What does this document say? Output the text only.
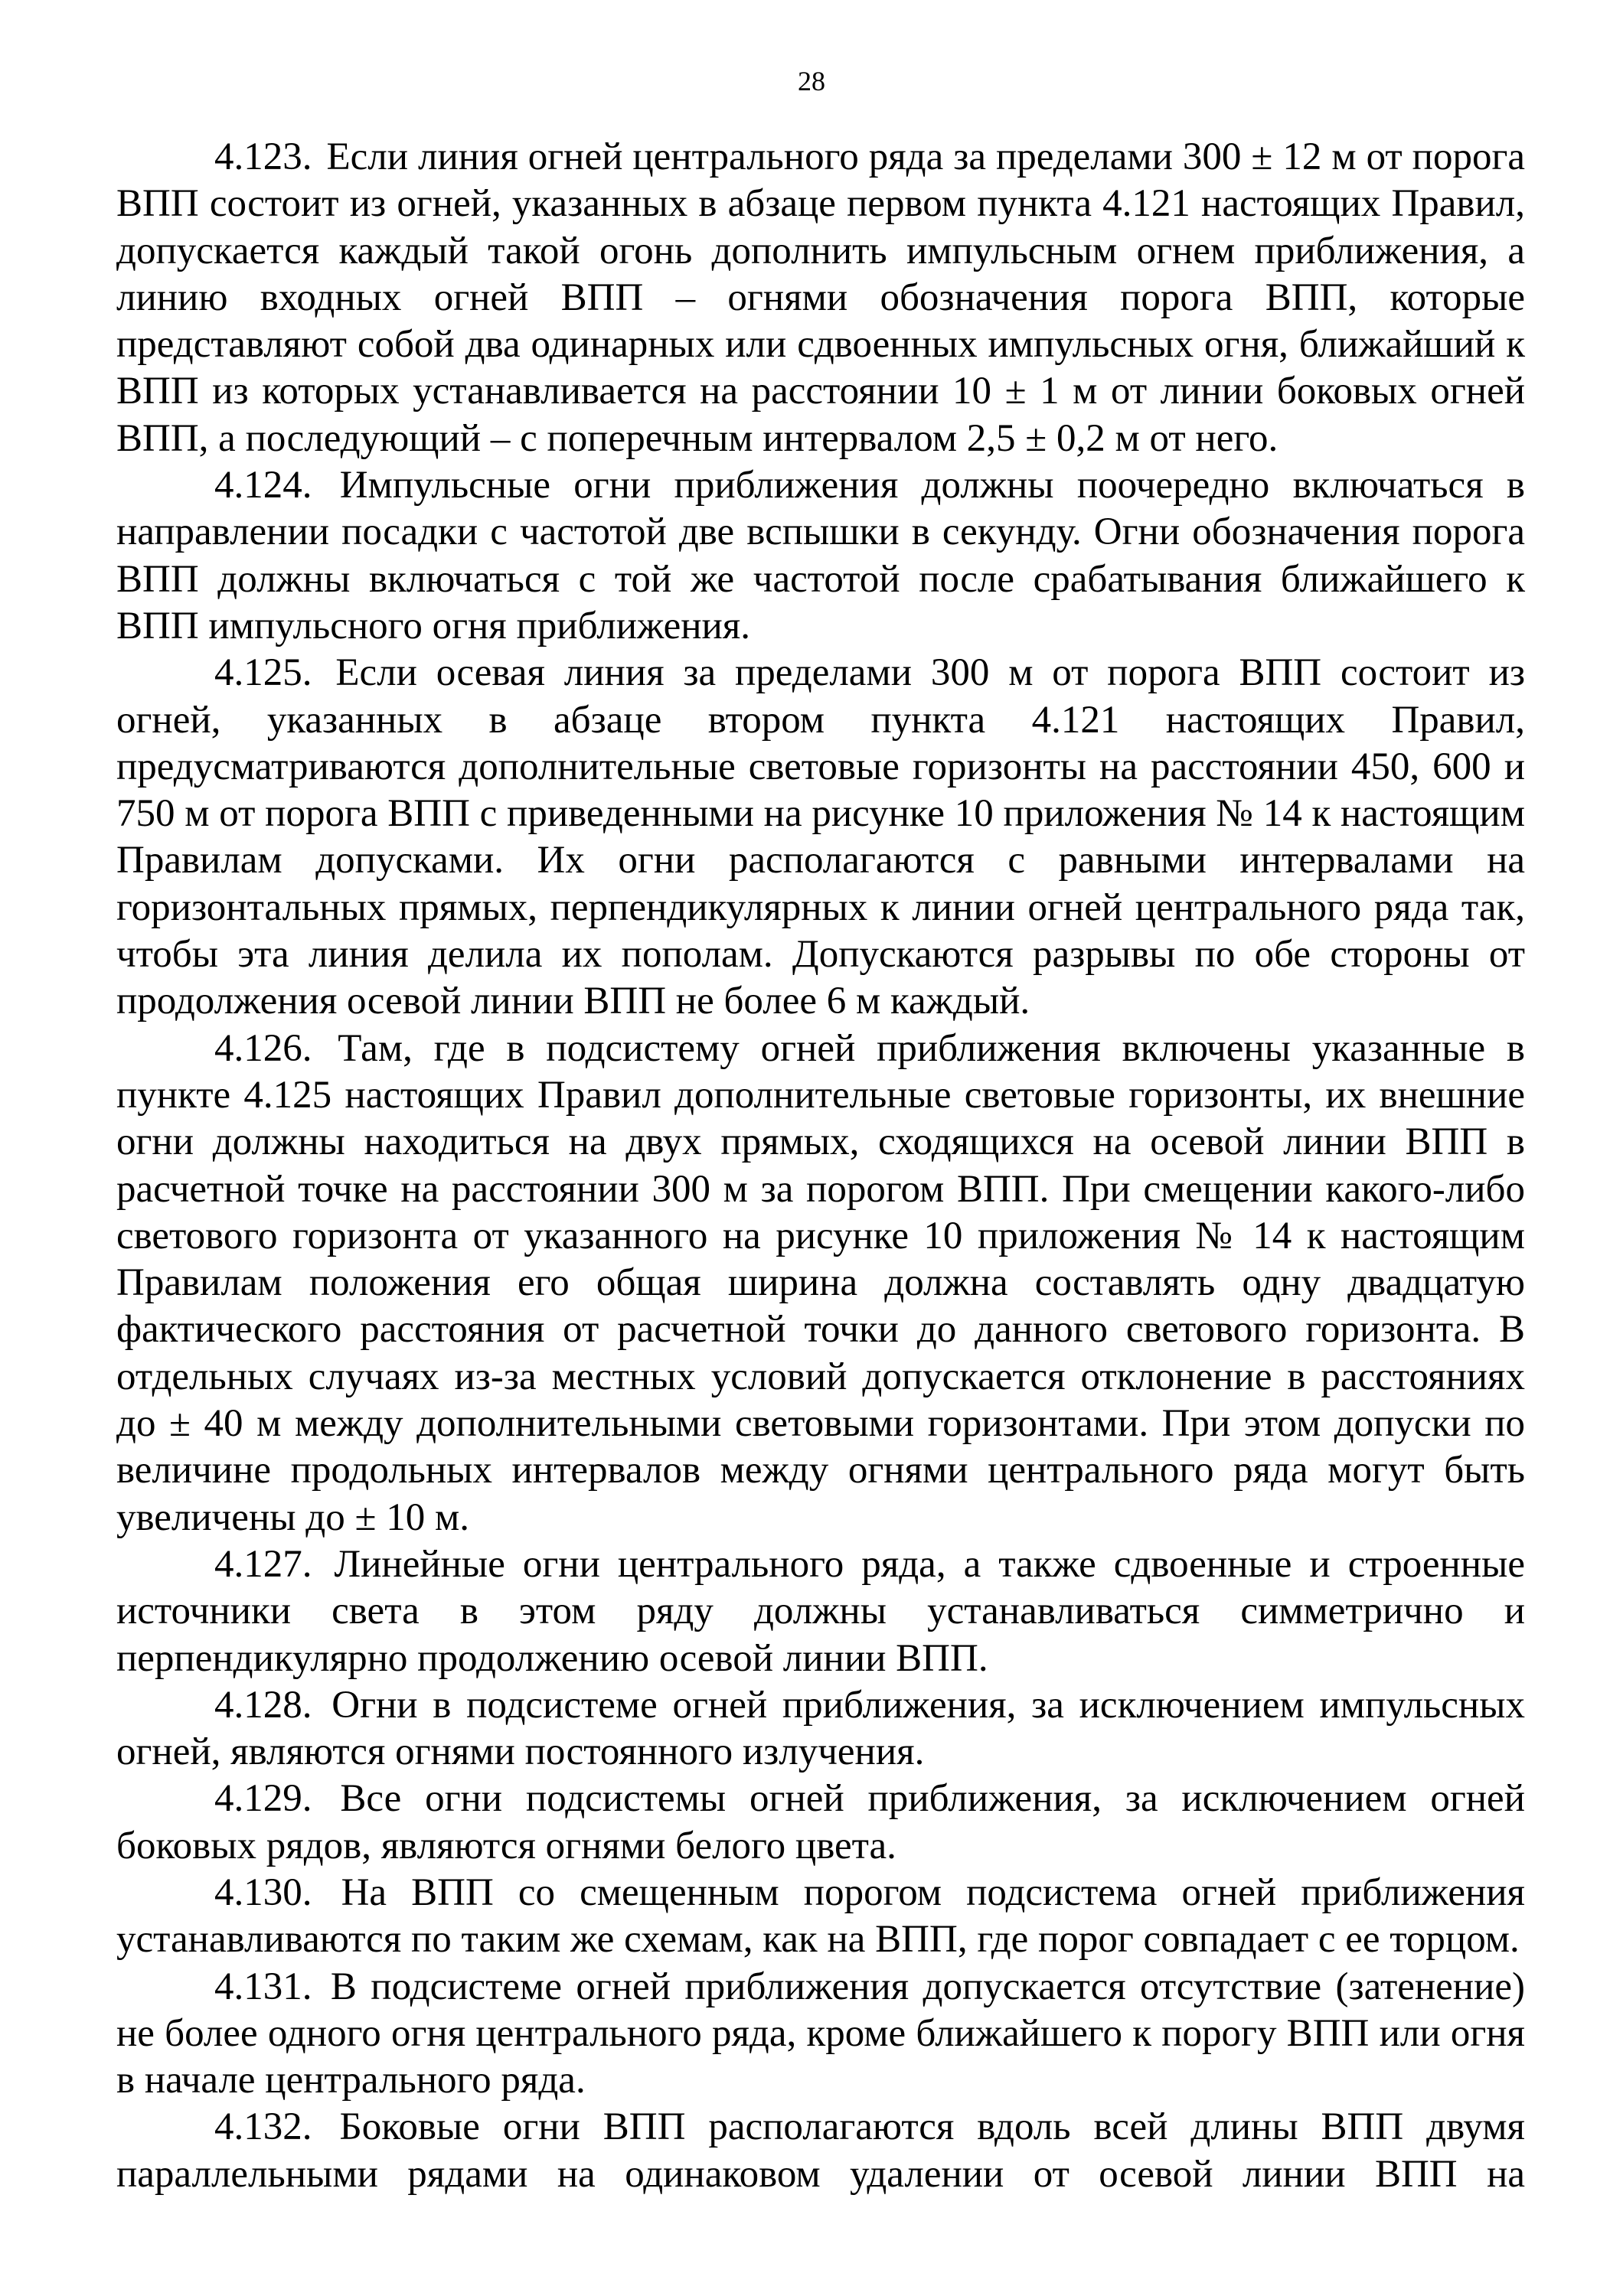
28

4.123. Если линия огней центрального ряда за пределами 300 ± 12 м от порога ВПП состоит из огней, указанных в абзаце первом пункта 4.121 настоящих Правил, допускается каждый такой огонь дополнить импульсным огнем приближения, а линию входных огней ВПП – огнями обозначения порога ВПП, которые представляют собой два одинарных или сдвоенных импульсных огня, ближайший к ВПП из которых устанавливается на расстоянии 10 ± 1 м от линии боковых огней ВПП, а последующий – с поперечным интервалом 2,5 ± 0,2 м от него.

4.124. Импульсные огни приближения должны поочередно включаться в направлении посадки с частотой две вспышки в секунду. Огни обозначения порога ВПП должны включаться с той же частотой после срабатывания ближайшего к ВПП импульсного огня приближения.

4.125. Если осевая линия за пределами 300 м от порога ВПП состоит из огней, указанных в абзаце втором пункта 4.121 настоящих Правил, предусматриваются дополнительные световые горизонты на расстоянии 450, 600 и 750 м от порога ВПП с приведенными на рисунке 10 приложения № 14 к настоящим Правилам допусками. Их огни располагаются с равными интервалами на горизонтальных прямых, перпендикулярных к линии огней центрального ряда так, чтобы эта линия делила их пополам. Допускаются разрывы по обе стороны от продолжения осевой линии ВПП не более 6 м каждый.

4.126. Там, где в подсистему огней приближения включены указанные в пункте 4.125 настоящих Правил дополнительные световые горизонты, их внешние огни должны находиться на двух прямых, сходящихся на осевой линии ВПП в расчетной точке на расстоянии 300 м за порогом ВПП. При смещении какого-либо светового горизонта от указанного на рисунке 10 приложения № 14 к настоящим Правилам положения его общая ширина должна составлять одну двадцатую фактического расстояния от расчетной точки до данного светового горизонта. В отдельных случаях из-за местных условий допускается отклонение в расстояниях до ± 40 м между дополнительными световыми горизонтами. При этом допуски по величине продольных интервалов между огнями центрального ряда могут быть увеличены до ± 10 м.

4.127. Линейные огни центрального ряда, а также сдвоенные и строенные источники света в этом ряду должны устанавливаться симметрично и перпендикулярно продолжению осевой линии ВПП.

4.128. Огни в подсистеме огней приближения, за исключением импульсных огней, являются огнями постоянного излучения.

4.129. Все огни подсистемы огней приближения, за исключением огней боковых рядов, являются огнями белого цвета.

4.130. На ВПП со смещенным порогом подсистема огней приближения устанавливаются по таким же схемам, как на ВПП, где порог совпадает с ее торцом.

4.131. В подсистеме огней приближения допускается отсутствие (затенение) не более одного огня центрального ряда, кроме ближайшего к порогу ВПП или огня в начале центрального ряда.

4.132. Боковые огни ВПП располагаются вдоль всей длины ВПП двумя параллельными рядами на одинаковом удалении от осевой линии ВПП на
